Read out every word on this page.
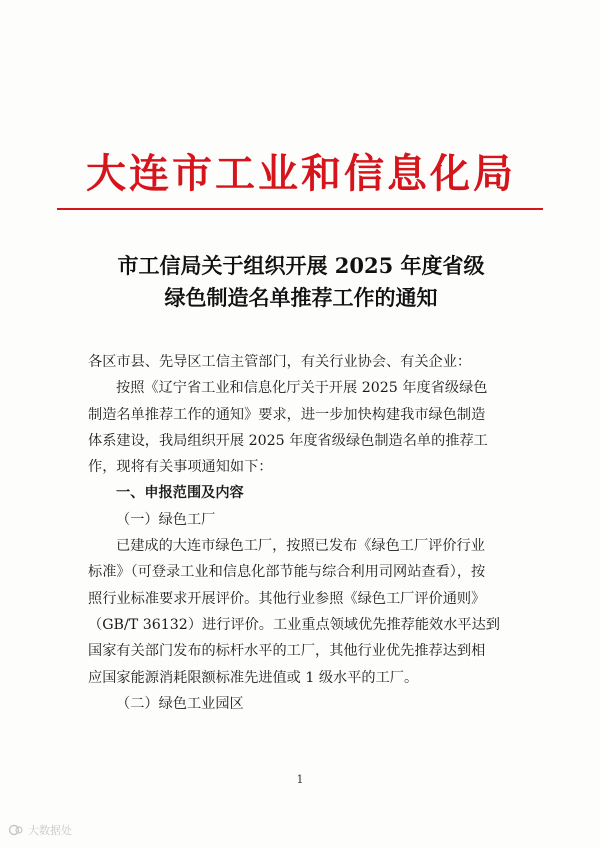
大连市工业和信息化局
市工信局关于组织开展 2025 年度省级
绿色制造名单推荐工作的通知
各区市县、先导区工信主管部门，有关行业协会、有关企业：
按照《辽宁省工业和信息化厅关于开展 2025 年度省级绿色
制造名单推荐工作的通知》要求，进一步加快构建我市绿色制造
体系建设，我局组织开展 2025 年度省级绿色制造名单的推荐工
作，现将有关事项通知如下：
一、申报范围及内容
（一）绿色工厂
已建成的大连市绿色工厂，按照已发布《绿色工厂评价行业
标准》（可登录工业和信息化部节能与综合利用司网站查看），按
照行业标准要求开展评价。其他行业参照《绿色工厂评价通则》
（GB/T 36132）进行评价。工业重点领域优先推荐能效水平达到
国家有关部门发布的标杆水平的工厂，其他行业优先推荐达到相
应国家能源消耗限额标准先进值或 1 级水平的工厂。
（二）绿色工业园区
1
大数据处
